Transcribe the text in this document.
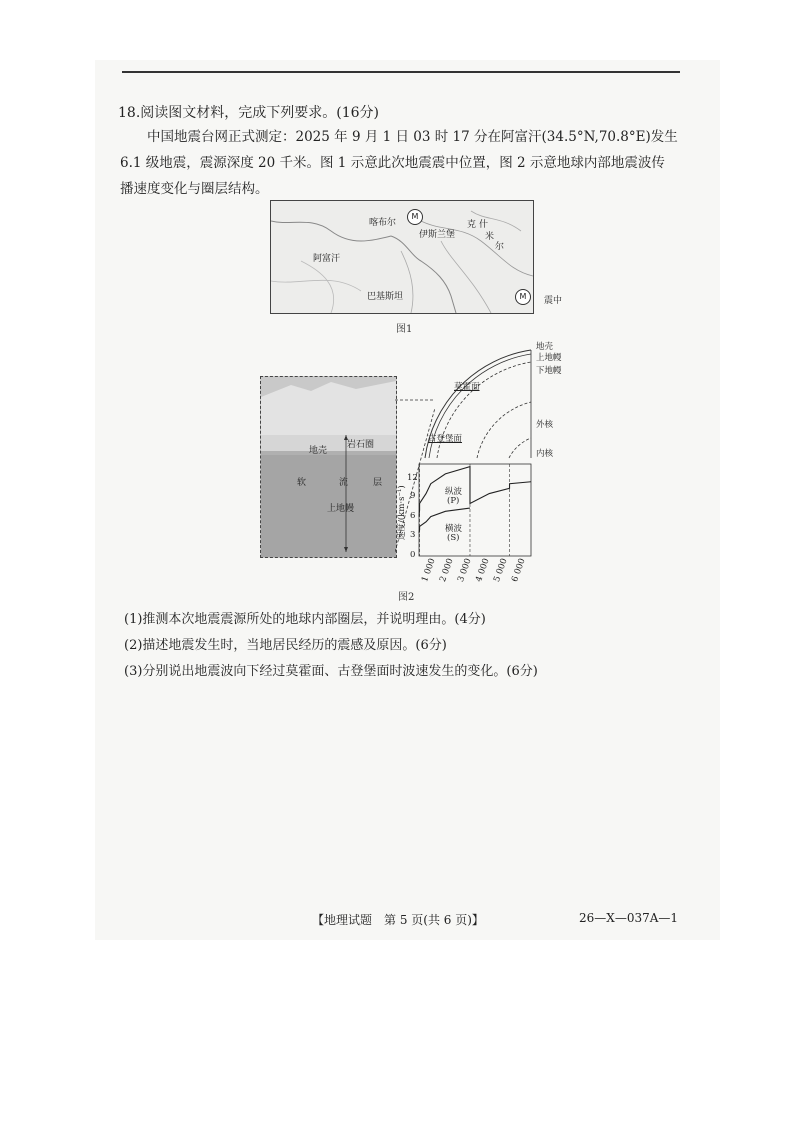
18.阅读图文材料，完成下列要求。(16分)
中国地震台网正式测定：2025 年 9 月 1 日 03 时 17 分在阿富汗(34.5°N,70.8°E)发生
6.1 级地震，震源深度 20 千米。图 1 示意此次地震震中位置，图 2 示意地球内部地震波传
播速度变化与圈层结构。
喀布尔
M
伊斯兰堡
克 什
米
尔
阿富汗
巴基斯坦	M	震中
图1
地壳
岩石圈
软	流	层
上地幔
地壳
上地幔
下地幔
外核
内核
莫霍面
古登堡面
速度/(km·s⁻¹)
0
3
6
9
12
1 000 2 000 3 000 4 000 5 000 6 000
纵波
(P)
横波
(S)
图2
(1)推测本次地震震源所处的地球内部圈层，并说明理由。(4分)
(2)描述地震发生时，当地居民经历的震感及原因。(6分)
(3)分别说出地震波向下经过莫霍面、古登堡面时波速发生的变化。(6分)
【地理试题　第 5 页(共 6 页)】	26—X—037A—1
